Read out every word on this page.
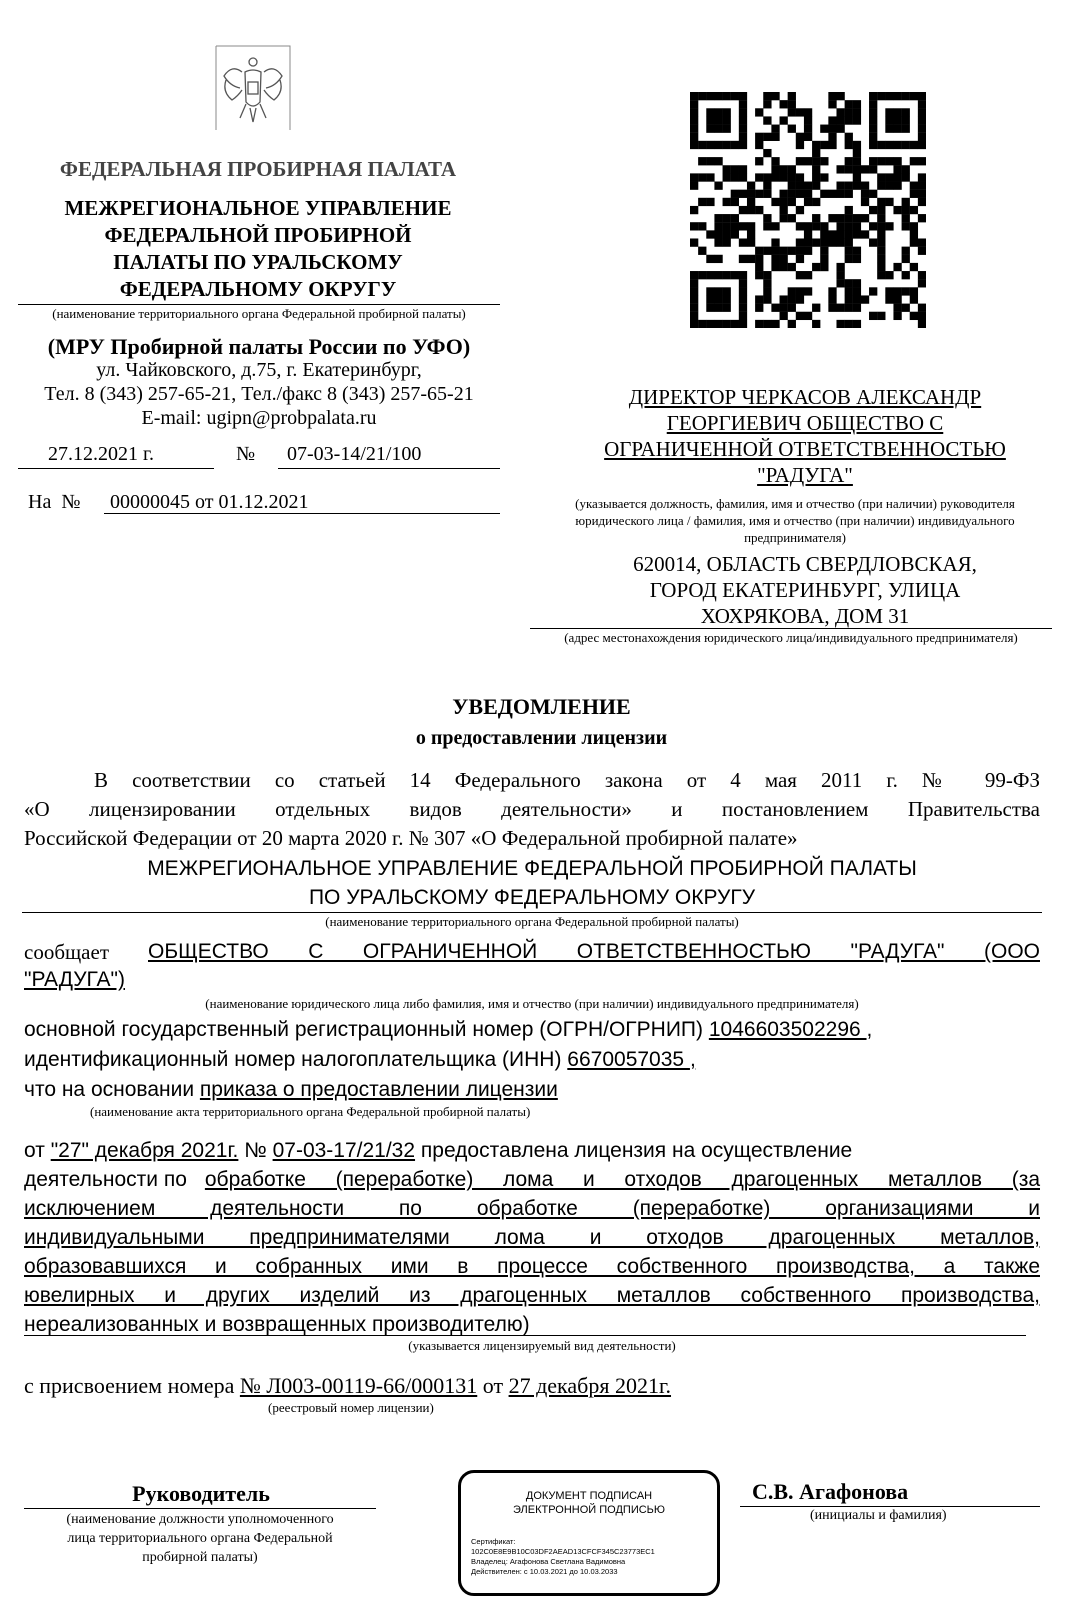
ФЕДЕРАЛЬНАЯ ПРОБИРНАЯ ПАЛАТА
МЕЖРЕГИОНАЛЬНОЕ УПРАВЛЕНИЕ
ФЕДЕРАЛЬНОЙ ПРОБИРНОЙ
ПАЛАТЫ ПО УРАЛЬСКОМУ
ФЕДЕРАЛЬНОМУ ОКРУГУ
(наименование территориального органа Федеральной пробирной палаты)
(МРУ Пробирной палаты России по УФО)
ул. Чайковского, д.75, г. Екатеринбург,
Тел. 8 (343) 257-65-21, Тел./факс 8 (343) 257-65-21
E-mail: ugipn@probpalata.ru
27.12.2021 г.	№ 07-03-14/21/100
На  № 00000045 от 01.12.2021
ДИРЕКТОР ЧЕРКАСОВ АЛЕКСАНДР
ГЕОРГИЕВИЧ ОБЩЕСТВО С
ОГРАНИЧЕННОЙ ОТВЕТСТВЕННОСТЬЮ
"РАДУГА"
(указывается должность, фамилия, имя и отчество (при наличии) руководителя
юридического лица / фамилия, имя и отчество (при наличии) индивидуального
предпринимателя)
620014, ОБЛАСТЬ СВЕРДЛОВСКАЯ,
ГОРОД ЕКАТЕРИНБУРГ, УЛИЦА
ХОХРЯКОВА, ДОМ 31
(адрес местонахождения юридического лица/индивидуального предпринимателя)
УВЕДОМЛЕНИЕ
о предоставлении лицензии
В соответствии со статьей 14 Федерального закона от 4 мая 2011 г. № 99-ФЗ
«О лицензировании отдельных видов деятельности» и постановлением Правительства
Российской Федерации от 20 марта 2020 г. № 307 «О Федеральной пробирной палате»
МЕЖРЕГИОНАЛЬНОЕ УПРАВЛЕНИЕ ФЕДЕРАЛЬНОЙ ПРОБИРНОЙ ПАЛАТЫ
ПО УРАЛЬСКОМУ ФЕДЕРАЛЬНОМУ ОКРУГУ
(наименование территориального органа Федеральной пробирной палаты)
сообщает ОБЩЕСТВО С ОГРАНИЧЕННОЙ ОТВЕТСТВЕННОСТЬЮ "РАДУГА" (ООО
"РАДУГА")
(наименование юридического лица либо фамилия, имя и отчество (при наличии) индивидуального предпринимателя)
основной государственный регистрационный номер (ОГРН/ОГРНИП) 1046603502296 ,
идентификационный номер налогоплательщика (ИНН) 6670057035 ,
что на основании приказа о предоставлении лицензии
(наименование акта территориального органа Федеральной пробирной палаты)
от "27" декабря 2021г. № 07-03-17/21/32 предоставлена лицензия на осуществление
деятельности по обработке (переработке) лома и отходов драгоценных металлов (за
исключением деятельности по обработке (переработке) организациями и
индивидуальными предпринимателями лома и отходов драгоценных металлов,
образовавшихся и собранных ими в процессе собственного производства, а также
ювелирных и других изделий из драгоценных металлов собственного производства,
нереализованных и возвращенных производителю)
(указывается лицензируемый вид деятельности)
с присвоением номера № Л003-00119-66/000131 от 27 декабря 2021г.
(реестровый номер лицензии)
Руководитель
(наименование должности уполномоченного
лица территориального органа Федеральной
пробирной палаты)
С.В. Агафонова
(инициалы и фамилия)
ДОКУМЕНТ ПОДПИСАН
ЭЛЕКТРОННОЙ ПОДПИСЬЮ
Сертификат:
102C0E8E9B10C03DF2AEAD13CFCF345C23773EC1
Владелец: Агафонова Светлана Вадимовна
Действителен: с 10.03.2021 до 10.03.2033
